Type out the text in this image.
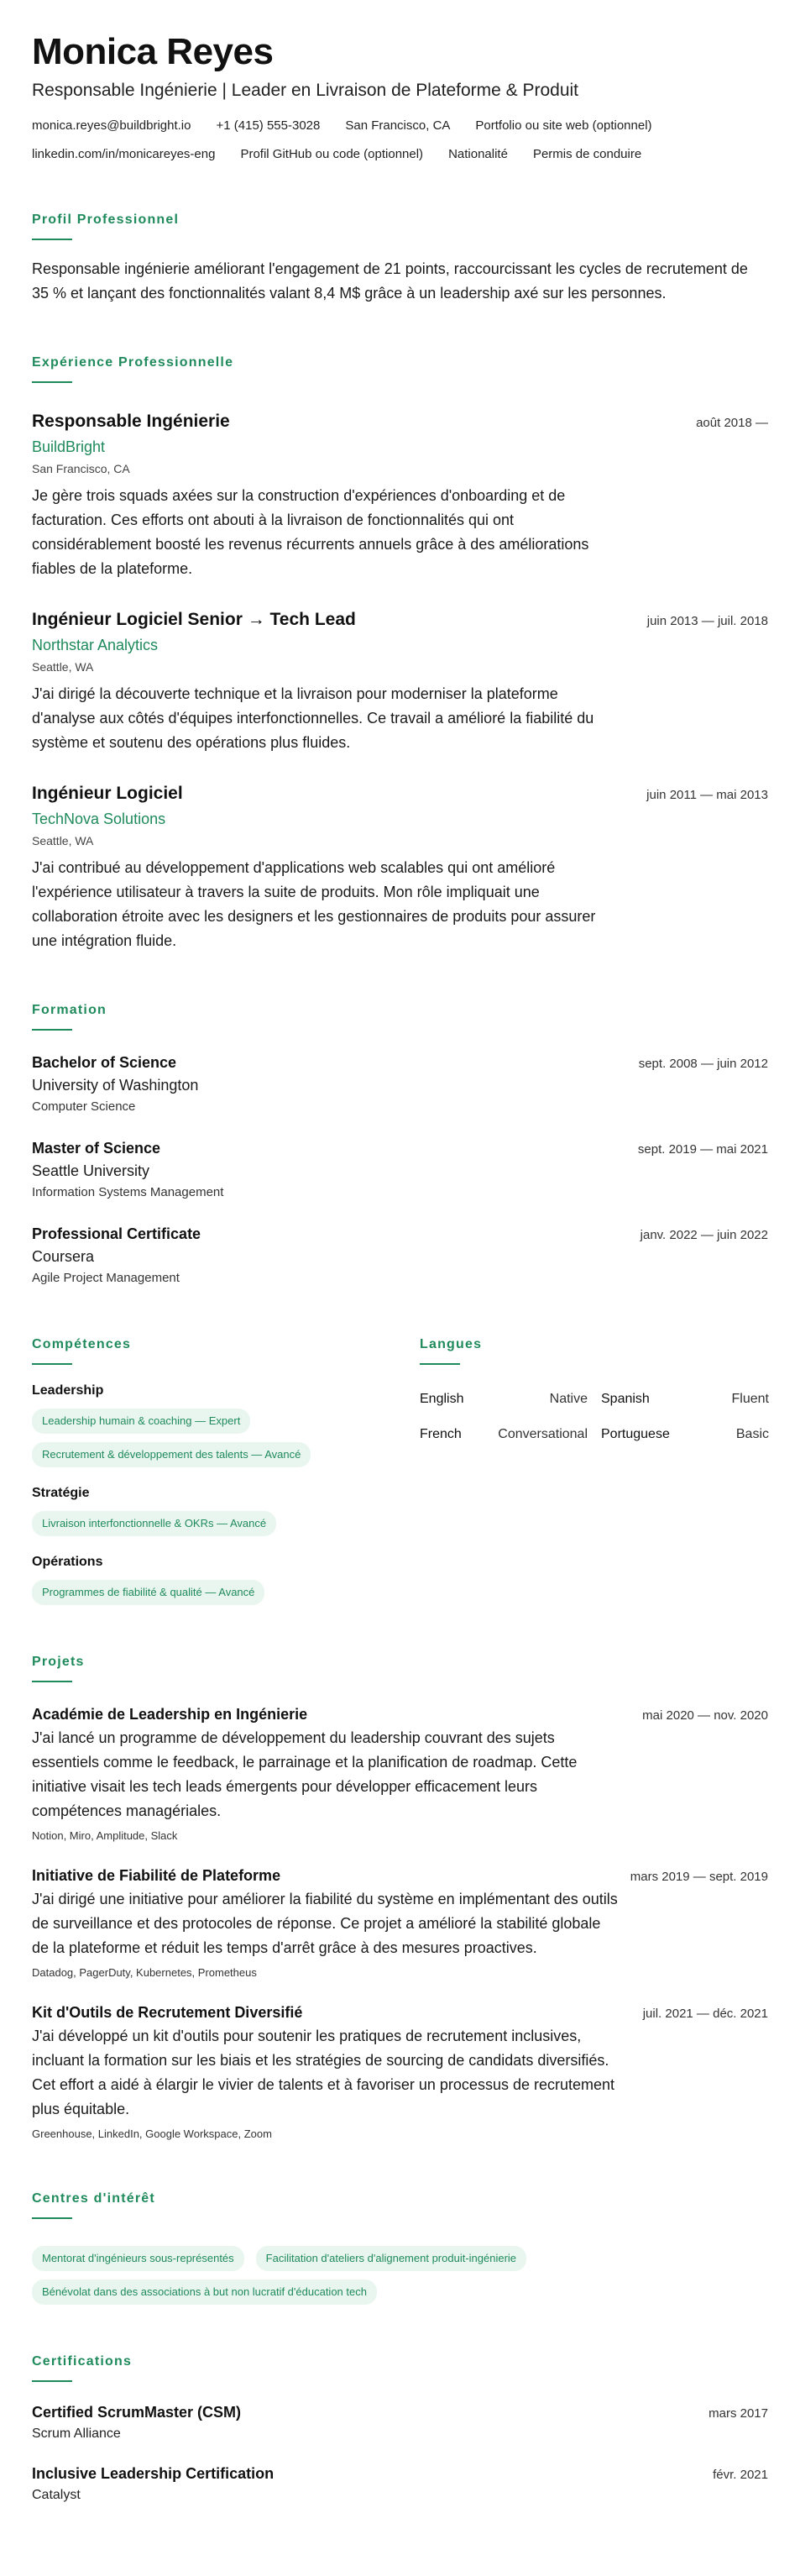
Monica Reyes
Responsable Ingénierie | Leader en Livraison de Plateforme & Produit
monica.reyes@buildbright.io +1 (415) 555-3028 San Francisco, CA Portfolio ou site web (optionnel)
linkedin.com/in/monicareyes-eng Profil GitHub ou code (optionnel) Nationalité Permis de conduire
Profil Professionnel

Responsable ingénierie améliorant l'engagement de 21 points, raccourcissant les cycles de recrutement de 35 % et lançant des fonctionnalités valant 8,4 M$ grâce à un leadership axé sur les personnes.

Expérience Professionnelle
Responsable Ingénierie	août 2018 —
BuildBright
San Francisco, CA

Je gère trois squads axées sur la construction d'expériences d'onboarding et de facturation. Ces efforts ont abouti à la livraison de fonctionnalités qui ont considérablement boosté les revenus récurrents annuels grâce à des améliorations fiables de la plateforme.

Ingénieur Logiciel Senior → Tech Lead	juin 2013 — juil. 2018
Northstar Analytics
Seattle, WA

J'ai dirigé la découverte technique et la livraison pour moderniser la plateforme d'analyse aux côtés d'équipes interfonctionnelles. Ce travail a amélioré la fiabilité du système et soutenu des opérations plus fluides.

Ingénieur Logiciel	juin 2011 — mai 2013
TechNova Solutions
Seattle, WA

J'ai contribué au développement d'applications web scalables qui ont amélioré l'expérience utilisateur à travers la suite de produits. Mon rôle impliquait une collaboration étroite avec les designers et les gestionnaires de produits pour assurer une intégration fluide.

Formation
Bachelor of Science	sept. 2008 — juin 2012
University of Washington
Computer Science
Master of Science	sept. 2019 — mai 2021
Seattle University
Information Systems Management
Professional Certificate	janv. 2022 — juin 2022
Coursera
Agile Project Management
Compétences
Leadership
Leadership humain & coaching — Expert
Recrutement & développement des talents — Avancé
Stratégie
Livraison interfonctionnelle & OKRs — Avancé
Opérations
Programmes de fiabilité & qualité — Avancé
Langues
English	Native Spanish	Fluent
French	Conversational Portuguese	Basic
Projets
Académie de Leadership en Ingénierie	mai 2020 — nov. 2020

J'ai lancé un programme de développement du leadership couvrant des sujets essentiels comme le feedback, le parrainage et la planification de roadmap. Cette initiative visait les tech leads émergents pour développer efficacement leurs compétences managériales.

Notion, Miro, Amplitude, Slack
Initiative de Fiabilité de Plateforme	mars 2019 — sept. 2019

J'ai dirigé une initiative pour améliorer la fiabilité du système en implémentant des outils de surveillance et des protocoles de réponse. Ce projet a amélioré la stabilité globale de la plateforme et réduit les temps d'arrêt grâce à des mesures proactives.

Datadog, PagerDuty, Kubernetes, Prometheus
Kit d'Outils de Recrutement Diversifié	juil. 2021 — déc. 2021

J'ai développé un kit d'outils pour soutenir les pratiques de recrutement inclusives, incluant la formation sur les biais et les stratégies de sourcing de candidats diversifiés. Cet effort a aidé à élargir le vivier de talents et à favoriser un processus de recrutement plus équitable.

Greenhouse, LinkedIn, Google Workspace, Zoom
Centres d'intérêt
Mentorat d'ingénieurs sous-représentés	Facilitation d'ateliers d'alignement produit-ingénierie
Bénévolat dans des associations à but non lucratif d'éducation tech
Certifications
Certified ScrumMaster (CSM)	mars 2017
Scrum Alliance
Inclusive Leadership Certification	févr. 2021
Catalyst
